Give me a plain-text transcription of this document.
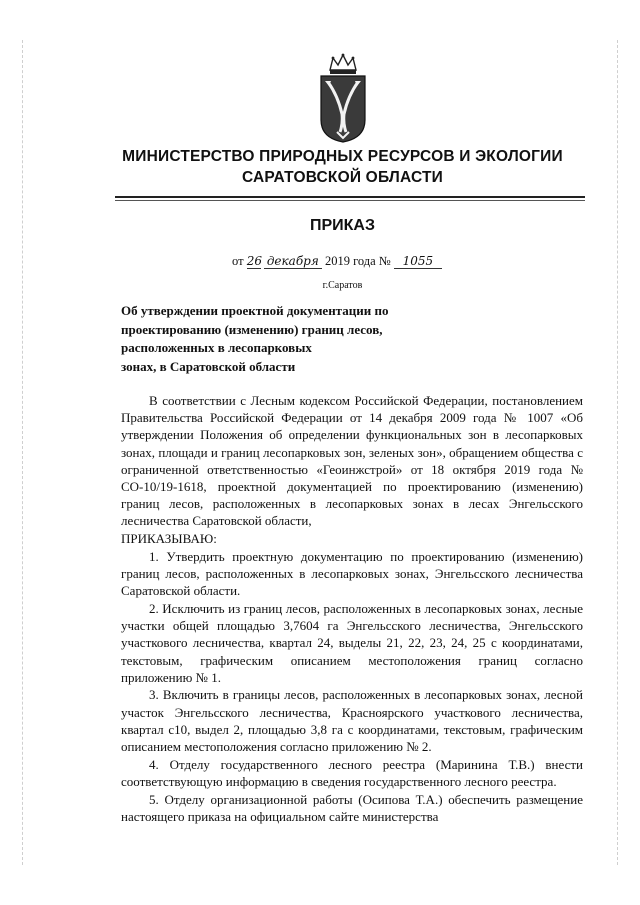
МИНИСТЕРСТВО ПРИРОДНЫХ РЕСУРСОВ И ЭКОЛОГИИ
САРАТОВСКОЙ ОБЛАСТИ
ПРИКАЗ
от 26 декабря 2019 года № 1055
г.Саратов
Об утверждении проектной документации по
проектированию (изменению) границ лесов,
расположенных в лесопарковых
зонах, в Саратовской области

В соответствии с Лесным кодексом Российской Федерации, постановлением Правительства Российской Федерации от 14 декабря 2009 года № 1007 «Об утверждении Положения об определении функциональных зон в лесопарковых зонах, площади и границ лесопарковых зон, зеленых зон», обращением общества с ограниченной ответственностью «Геоинжстрой» от 18 октября 2019 года № СО-10/19-1618, проектной документацией по проектированию (изменению) границ лесов, расположенных в лесопарковых зонах в лесах Энгельсского лесничества Саратовской области,

ПРИКАЗЫВАЮ:

1. Утвердить проектную документацию по проектированию (изменению) границ лесов, расположенных в лесопарковых зонах, Энгельсского лесничества Саратовской области.

2. Исключить из границ лесов, расположенных в лесопарковых зонах, лесные участки общей площадью 3,7604 га Энгельсского лесничества, Энгельсского участкового лесничества, квартал 24, выделы 21, 22, 23, 24, 25 с координатами, текстовым, графическим описанием местоположения границ согласно приложению № 1.

3. Включить в границы лесов, расположенных в лесопарковых зонах, лесной участок Энгельсского лесничества, Красноярского участкового лесничества, квартал с10, выдел 2, площадью 3,8 га с координатами, текстовым, графическим описанием местоположения согласно приложению № 2.

4. Отделу государственного лесного реестра (Маринина Т.В.) внести соответствующую информацию в сведения государственного лесного реестра.

5. Отделу организационной работы (Осипова Т.А.) обеспечить размещение настоящего приказа на официальном сайте министерства
